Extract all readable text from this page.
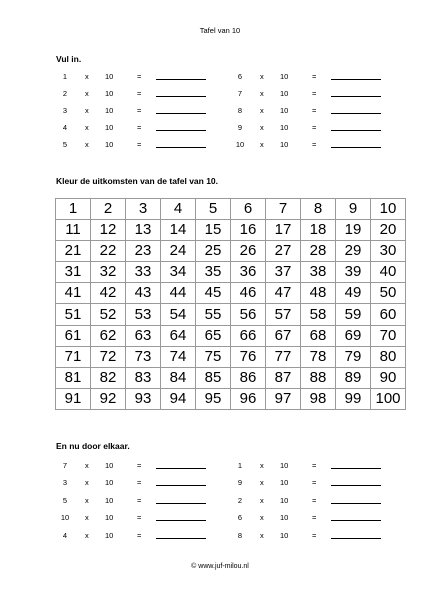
Tafel van 10
Vul in.
1	x 10	=
2	x 10	=
3	x 10	=
4	x 10	=
5	x 10	=
6	x 10	=
7	x 10	=
8	x 10	=
9	x 10	=
10	x 10	=
Kleur de uitkomsten van de tafel van 10.
1	2	3	4	5	6	7	8	9	10
11	12	13	14	15	16	17	18	19	20
21	22	23	24	25	26	27	28	29	30
31	32	33	34	35	36	37	38	39	40
41	42	43	44	45	46	47	48	49	50
51	52	53	54	55	56	57	58	59	60
61	62	63	64	65	66	67	68	69	70
71	72	73	74	75	76	77	78	79	80
81	82	83	84	85	86	87	88	89	90
91	92	93	94	95	96	97	98	99	100
En nu door elkaar.
7	x 10	=
3	x 10	=
5	x 10	=
10	x 10	=
4	x 10	=
1	x 10	=
9	x 10	=
2	x 10	=
6	x 10	=
8	x 10	=
© www.juf-milou.nl
